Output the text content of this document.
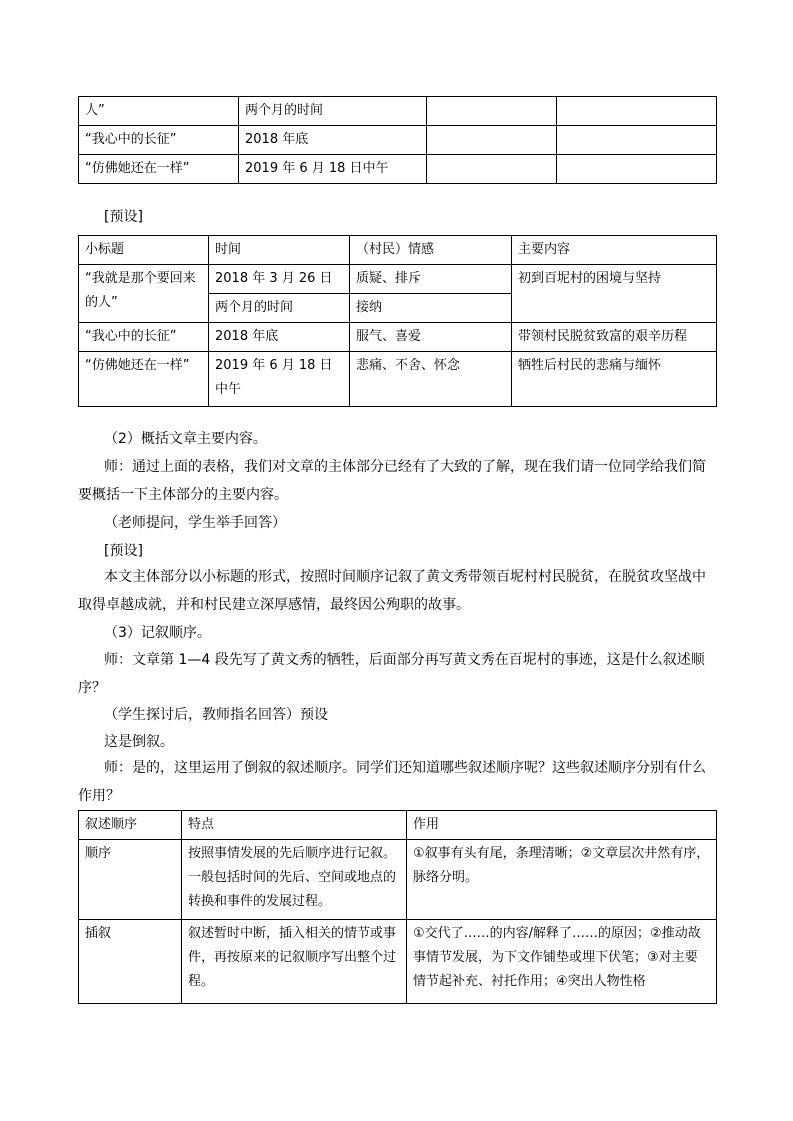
人”	两个月的时间		
“我心中的长征”	2018 年底		
“仿佛她还在一样”	2019 年 6 月 18 日中午		

[预设]

小标题	时间	（村民）情感	主要内容
“我就是那个要回来的人”	2018 年 3 月 26 日	质疑、排斥	初到百坭村的困境与坚持
	两个月的时间	接纳	
“我心中的长征”	2018 年底	服气、喜爱	带领村民脱贫致富的艰辛历程
“仿佛她还在一样”	2019 年 6 月 18 日中午	悲痛、不舍、怀念	牺牲后村民的悲痛与缅怀

（2）概括文章主要内容。

师：通过上面的表格，我们对文章的主体部分已经有了大致的了解，现在我们请一位同学给我们简要概括一下主体部分的主要内容。

（老师提问，学生举手回答）

[预设]

本文主体部分以小标题的形式，按照时间顺序记叙了黄文秀带领百坭村村民脱贫，在脱贫攻坚战中取得卓越成就，并和村民建立深厚感情，最终因公殉职的故事。

（3）记叙顺序。

师：文章第 1—4 段先写了黄文秀的牺牲，后面部分再写黄文秀在百坭村的事迹，这是什么叙述顺序？

（学生探讨后，教师指名回答）预设

这是倒叙。

师：是的，这里运用了倒叙的叙述顺序。同学们还知道哪些叙述顺序呢？这些叙述顺序分别有什么作用？

叙述顺序	特点	作用
顺序	按照事情发展的先后顺序进行记叙。一般包括时间的先后、空间或地点的转换和事件的发展过程。	①叙事有头有尾，条理清晰；②文章层次井然有序，脉络分明。
插叙	叙述暂时中断，插入相关的情节或事件，再按原来的记叙顺序写出整个过程。	①交代了……的内容/解释了……的原因；②推动故事情节发展，为下文作铺垫或埋下伏笔；③对主要情节起补充、衬托作用；④突出人物性格
